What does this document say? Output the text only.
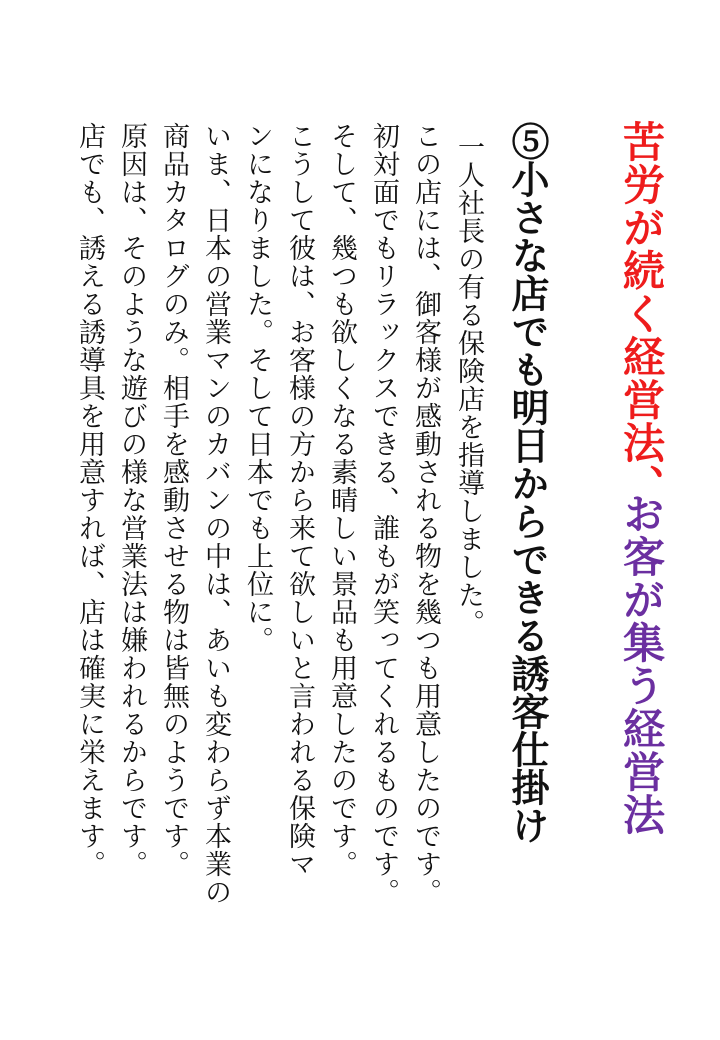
苦労が続く経営法、
お客が集う経営法
⑤小さな店でも明日からできる誘客仕掛け
一人社長の有る保険店を指導しました。
この店には、御客様が感動される物を幾つも用意したのです。
初対面でもリラックスできる、誰もが笑ってくれるものです。
そして、幾つも欲しくなる素晴しい景品も用意したのです。
こうして彼は、お客様の方から来て欲しいと言われる保険マ
ンになりました。そして日本でも上位に。
いま、日本の営業マンのカバンの中は、あいも変わらず本業の
商品カタログのみ。相手を感動させる物は皆無のようです。
原因は、そのような遊びの様な営業法は嫌われるからです。
店でも、誘える誘導具を用意すれば、店は確実に栄えます。
